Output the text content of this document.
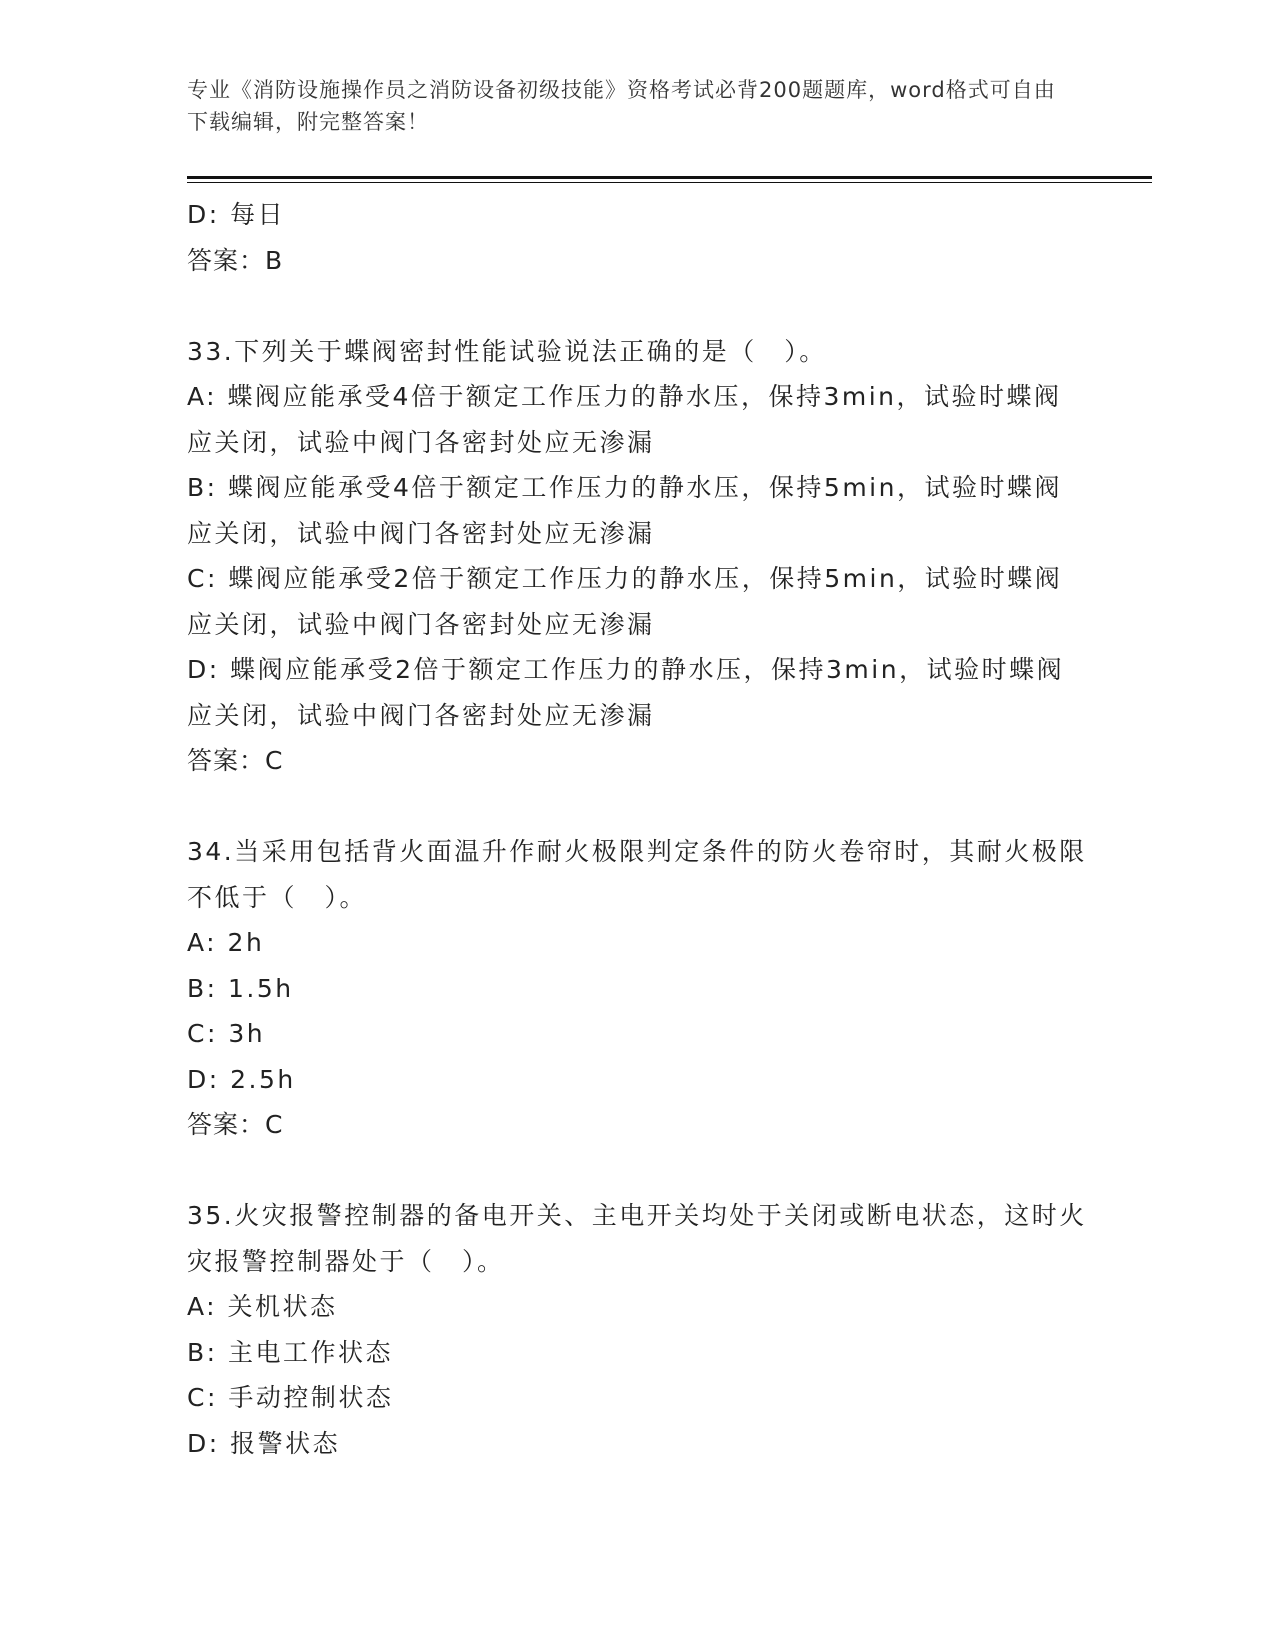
专业《消防设施操作员之消防设备初级技能》资格考试必背200题题库，word格式可自由下载编辑，附完整答案！

D: 每日

答案：B

33.下列关于蝶阀密封性能试验说法正确的是（　）。

A: 蝶阀应能承受4倍于额定工作压力的静水压，保持3min，试验时蝶阀应关闭，试验中阀门各密封处应无渗漏

B: 蝶阀应能承受4倍于额定工作压力的静水压，保持5min，试验时蝶阀应关闭，试验中阀门各密封处应无渗漏

C: 蝶阀应能承受2倍于额定工作压力的静水压，保持5min，试验时蝶阀应关闭，试验中阀门各密封处应无渗漏

D: 蝶阀应能承受2倍于额定工作压力的静水压，保持3min，试验时蝶阀应关闭，试验中阀门各密封处应无渗漏

答案：C

34.当采用包括背火面温升作耐火极限判定条件的防火卷帘时，其耐火极限不低于（　）。

A: 2h

B: 1.5h

C: 3h

D: 2.5h

答案：C

35.火灾报警控制器的备电开关、主电开关均处于关闭或断电状态，这时火灾报警控制器处于（　）。

A: 关机状态

B: 主电工作状态

C: 手动控制状态

D: 报警状态
